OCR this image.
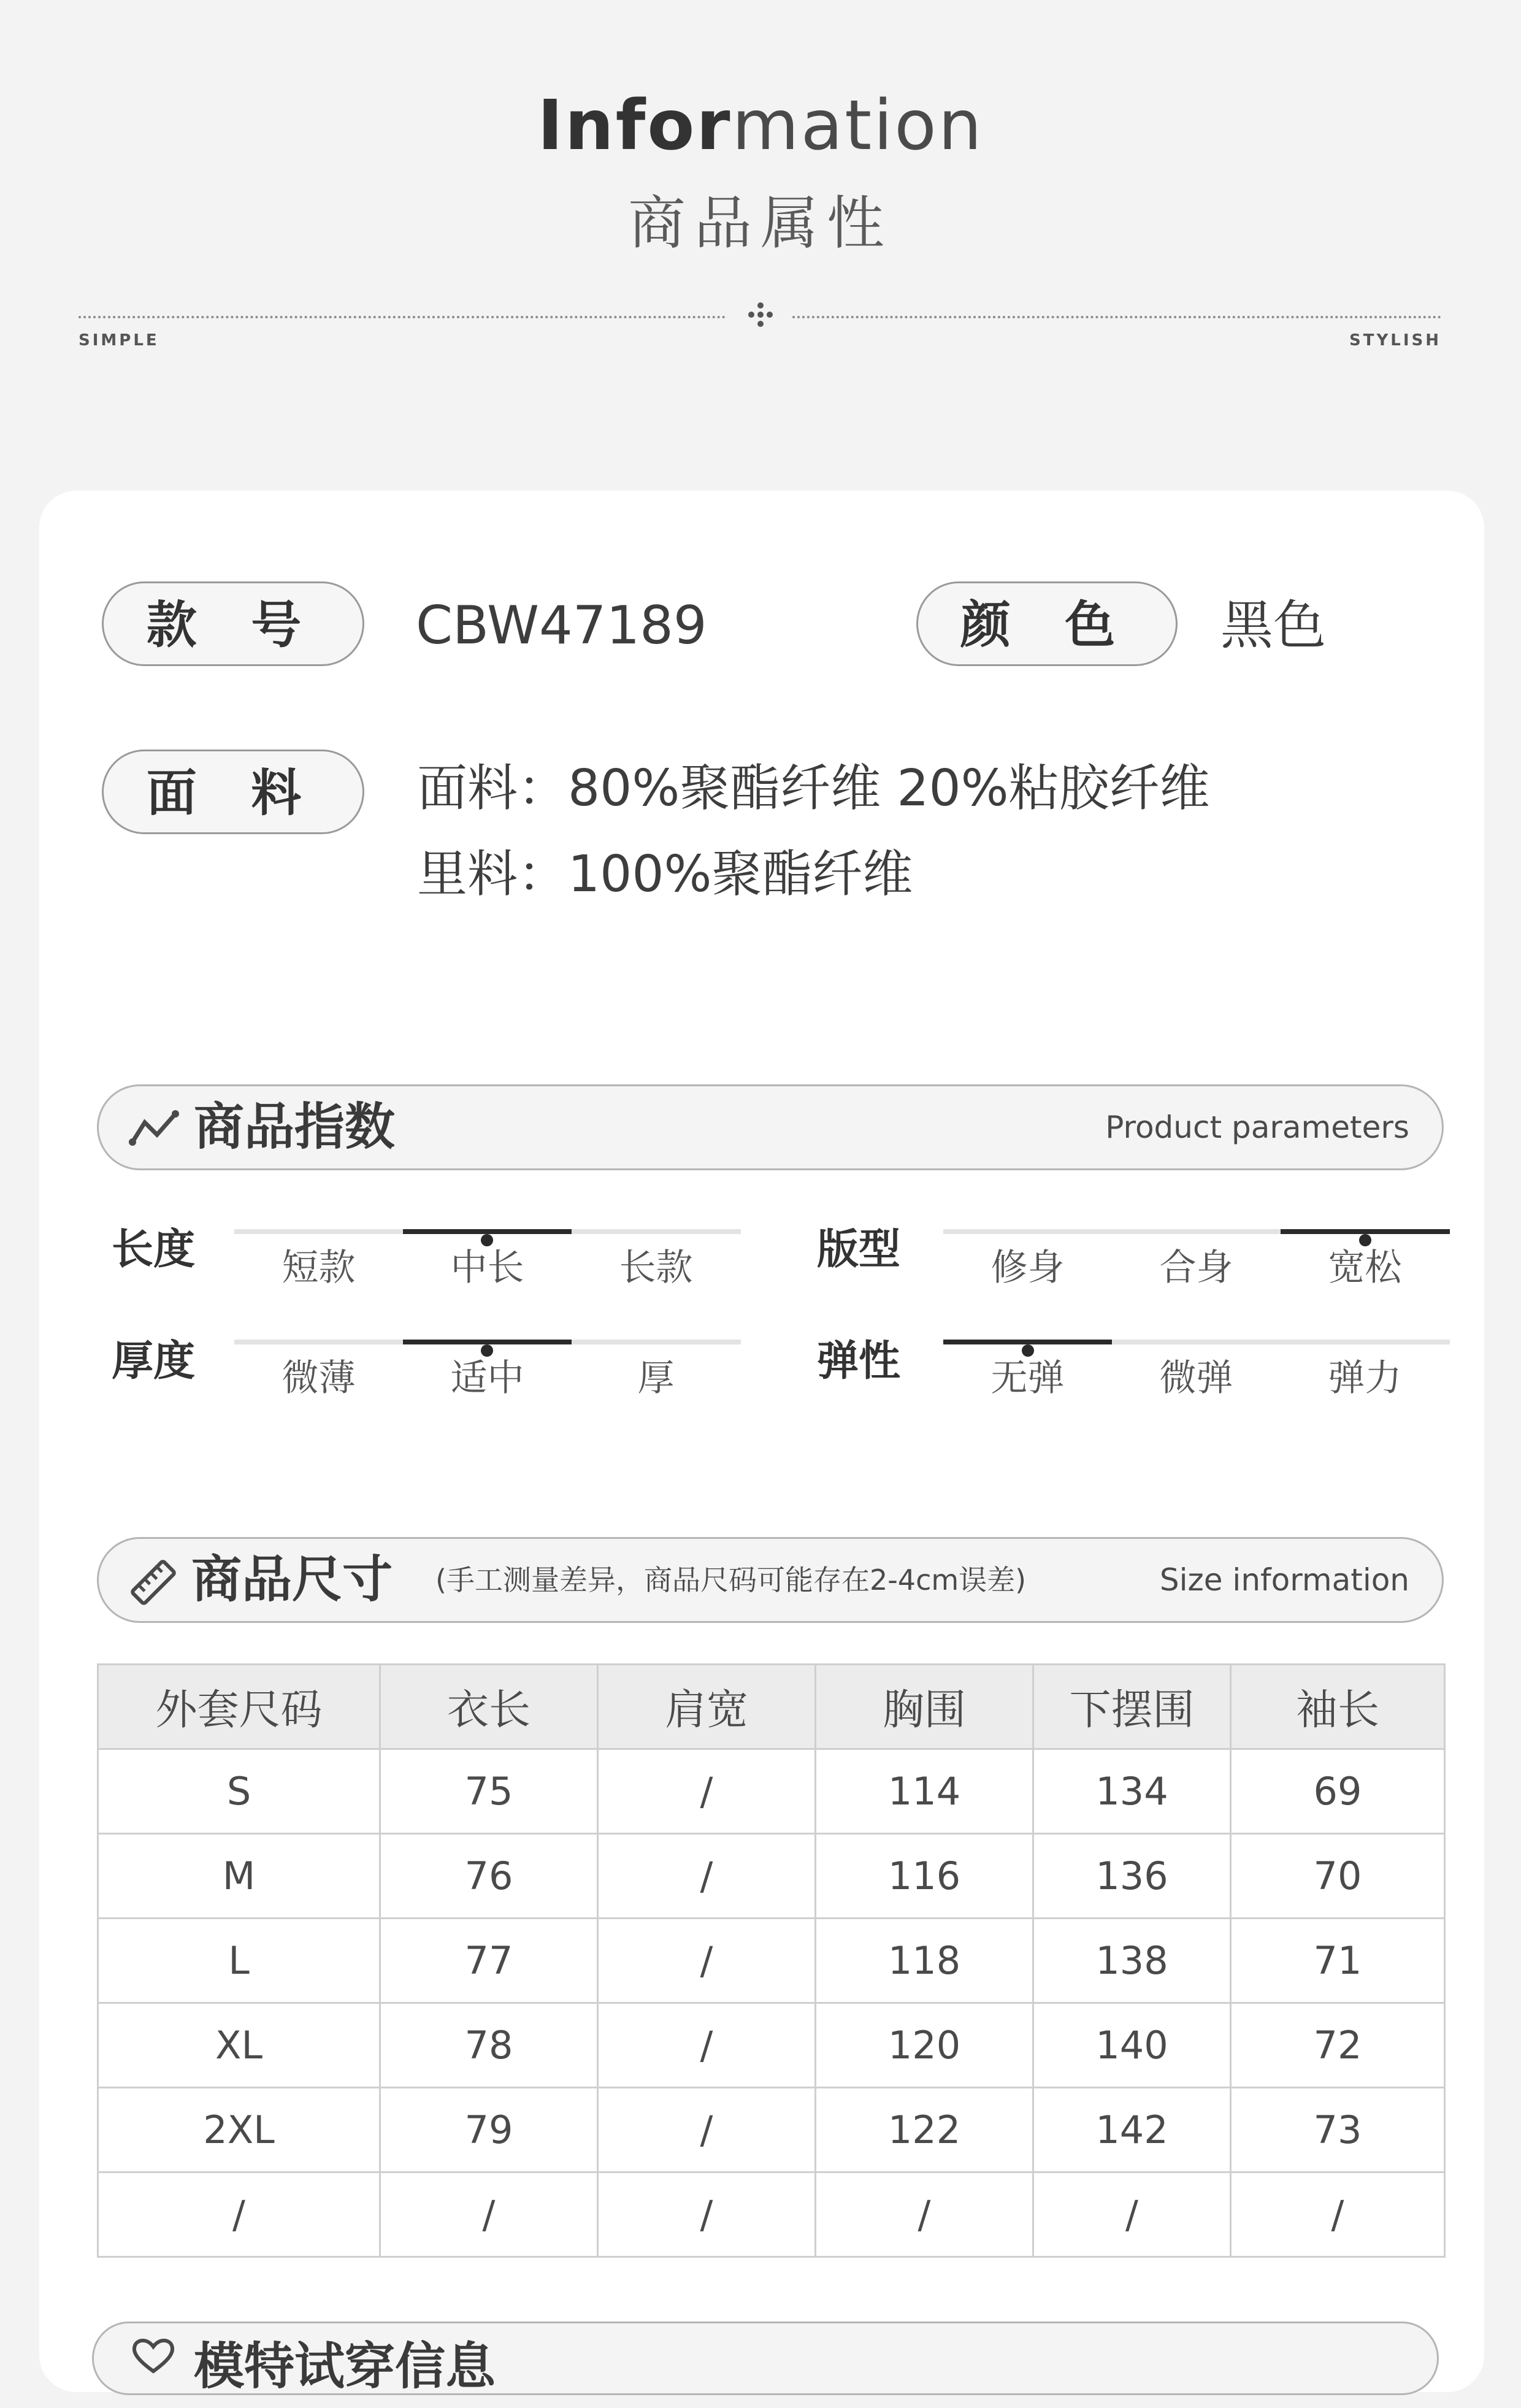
Information
商品属性
SIMPLE	STYLISH
款 号	CBW47189	颜 色	黑色
面 料	面料：80%聚酯纤维 20%粘胶纤维
里料：100%聚酯纤维
商品指数	Product parameters
长度	短款	中长	长款	版型	修身	合身	宽松
厚度	微薄	适中	厚	弹性	无弹	微弹	弹力
商品尺寸 (手工测量差异，商品尺码可能存在2-4cm误差)	Size information
外套尺码	衣长	肩宽	胸围	下摆围	袖长
S	75	/	114	134	69
M	76	/	116	136	70
L	77	/	118	138	71
XL	78	/	120	140	72
2XL	79	/	122	142	73
/	/	/	/	/	/
模特试穿信息
